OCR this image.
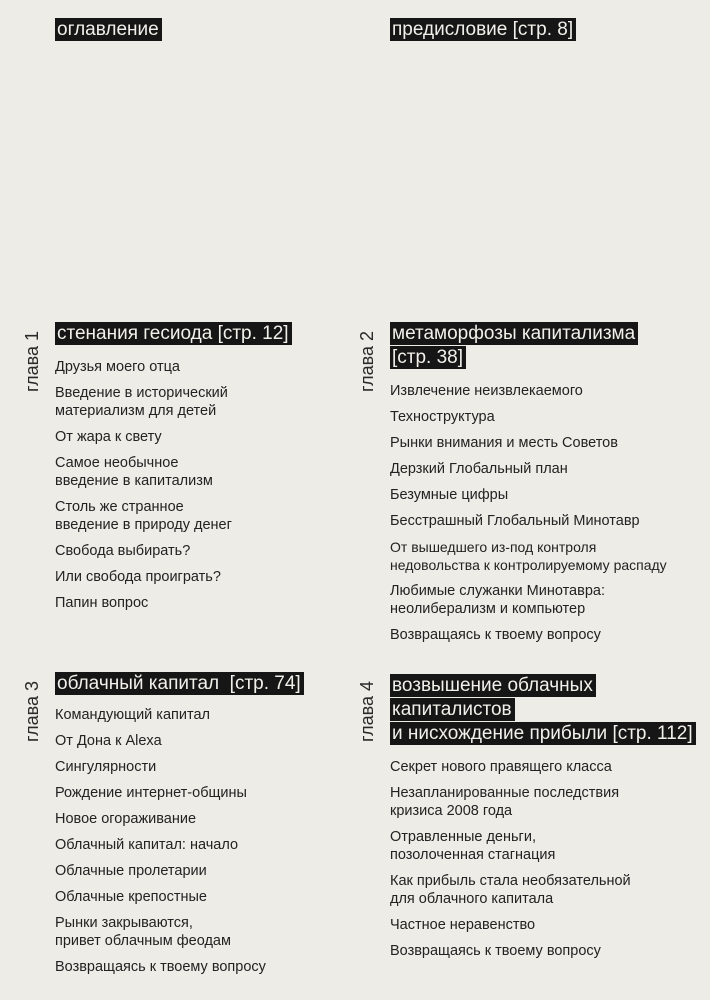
оглавление	предисловие [стр. 8]
глава 1 стенания гесиода [стр. 12]
Друзья моего отца
Введение в исторический
материализм для детей
От жара к свету
Самое необычное
введение в капитализм
Столь же странное
введение в природу денег
Свобода выбирать?
Или свобода проиграть?
Папин вопрос
глава 2 метаморфозы капитализма
[стр. 38]
Извлечение неизвлекаемого
Техноструктура
Рынки внимания и месть Советов
Дерзкий Глобальный план
Безумные цифры
Бесстрашный Глобальный Минотавр
От вышедшего из-под контроля
недовольства к контролируемому распаду
Любимые служанки Минотавра:
неолиберализм и компьютер
Возвращаясь к твоему вопросу
глава 3 облачный капитал  [стр. 74]
Командующий капитал
От Дона к Alexa
Сингулярности
Рождение интернет-общины
Новое огораживание
Облачный капитал: начало
Облачные пролетарии
Облачные крепостные
Рынки закрываются,
привет облачным феодам
Возвращаясь к твоему вопросу
глава 4 возвышение облачных
капиталистов
и нисхождение прибыли [стр. 112]
Секрет нового правящего класса
Незапланированные последствия
кризиса 2008 года
Отравленные деньги,
позолоченная стагнация
Как прибыль стала необязательной
для облачного капитала
Частное неравенство
Возвращаясь к твоему вопросу
